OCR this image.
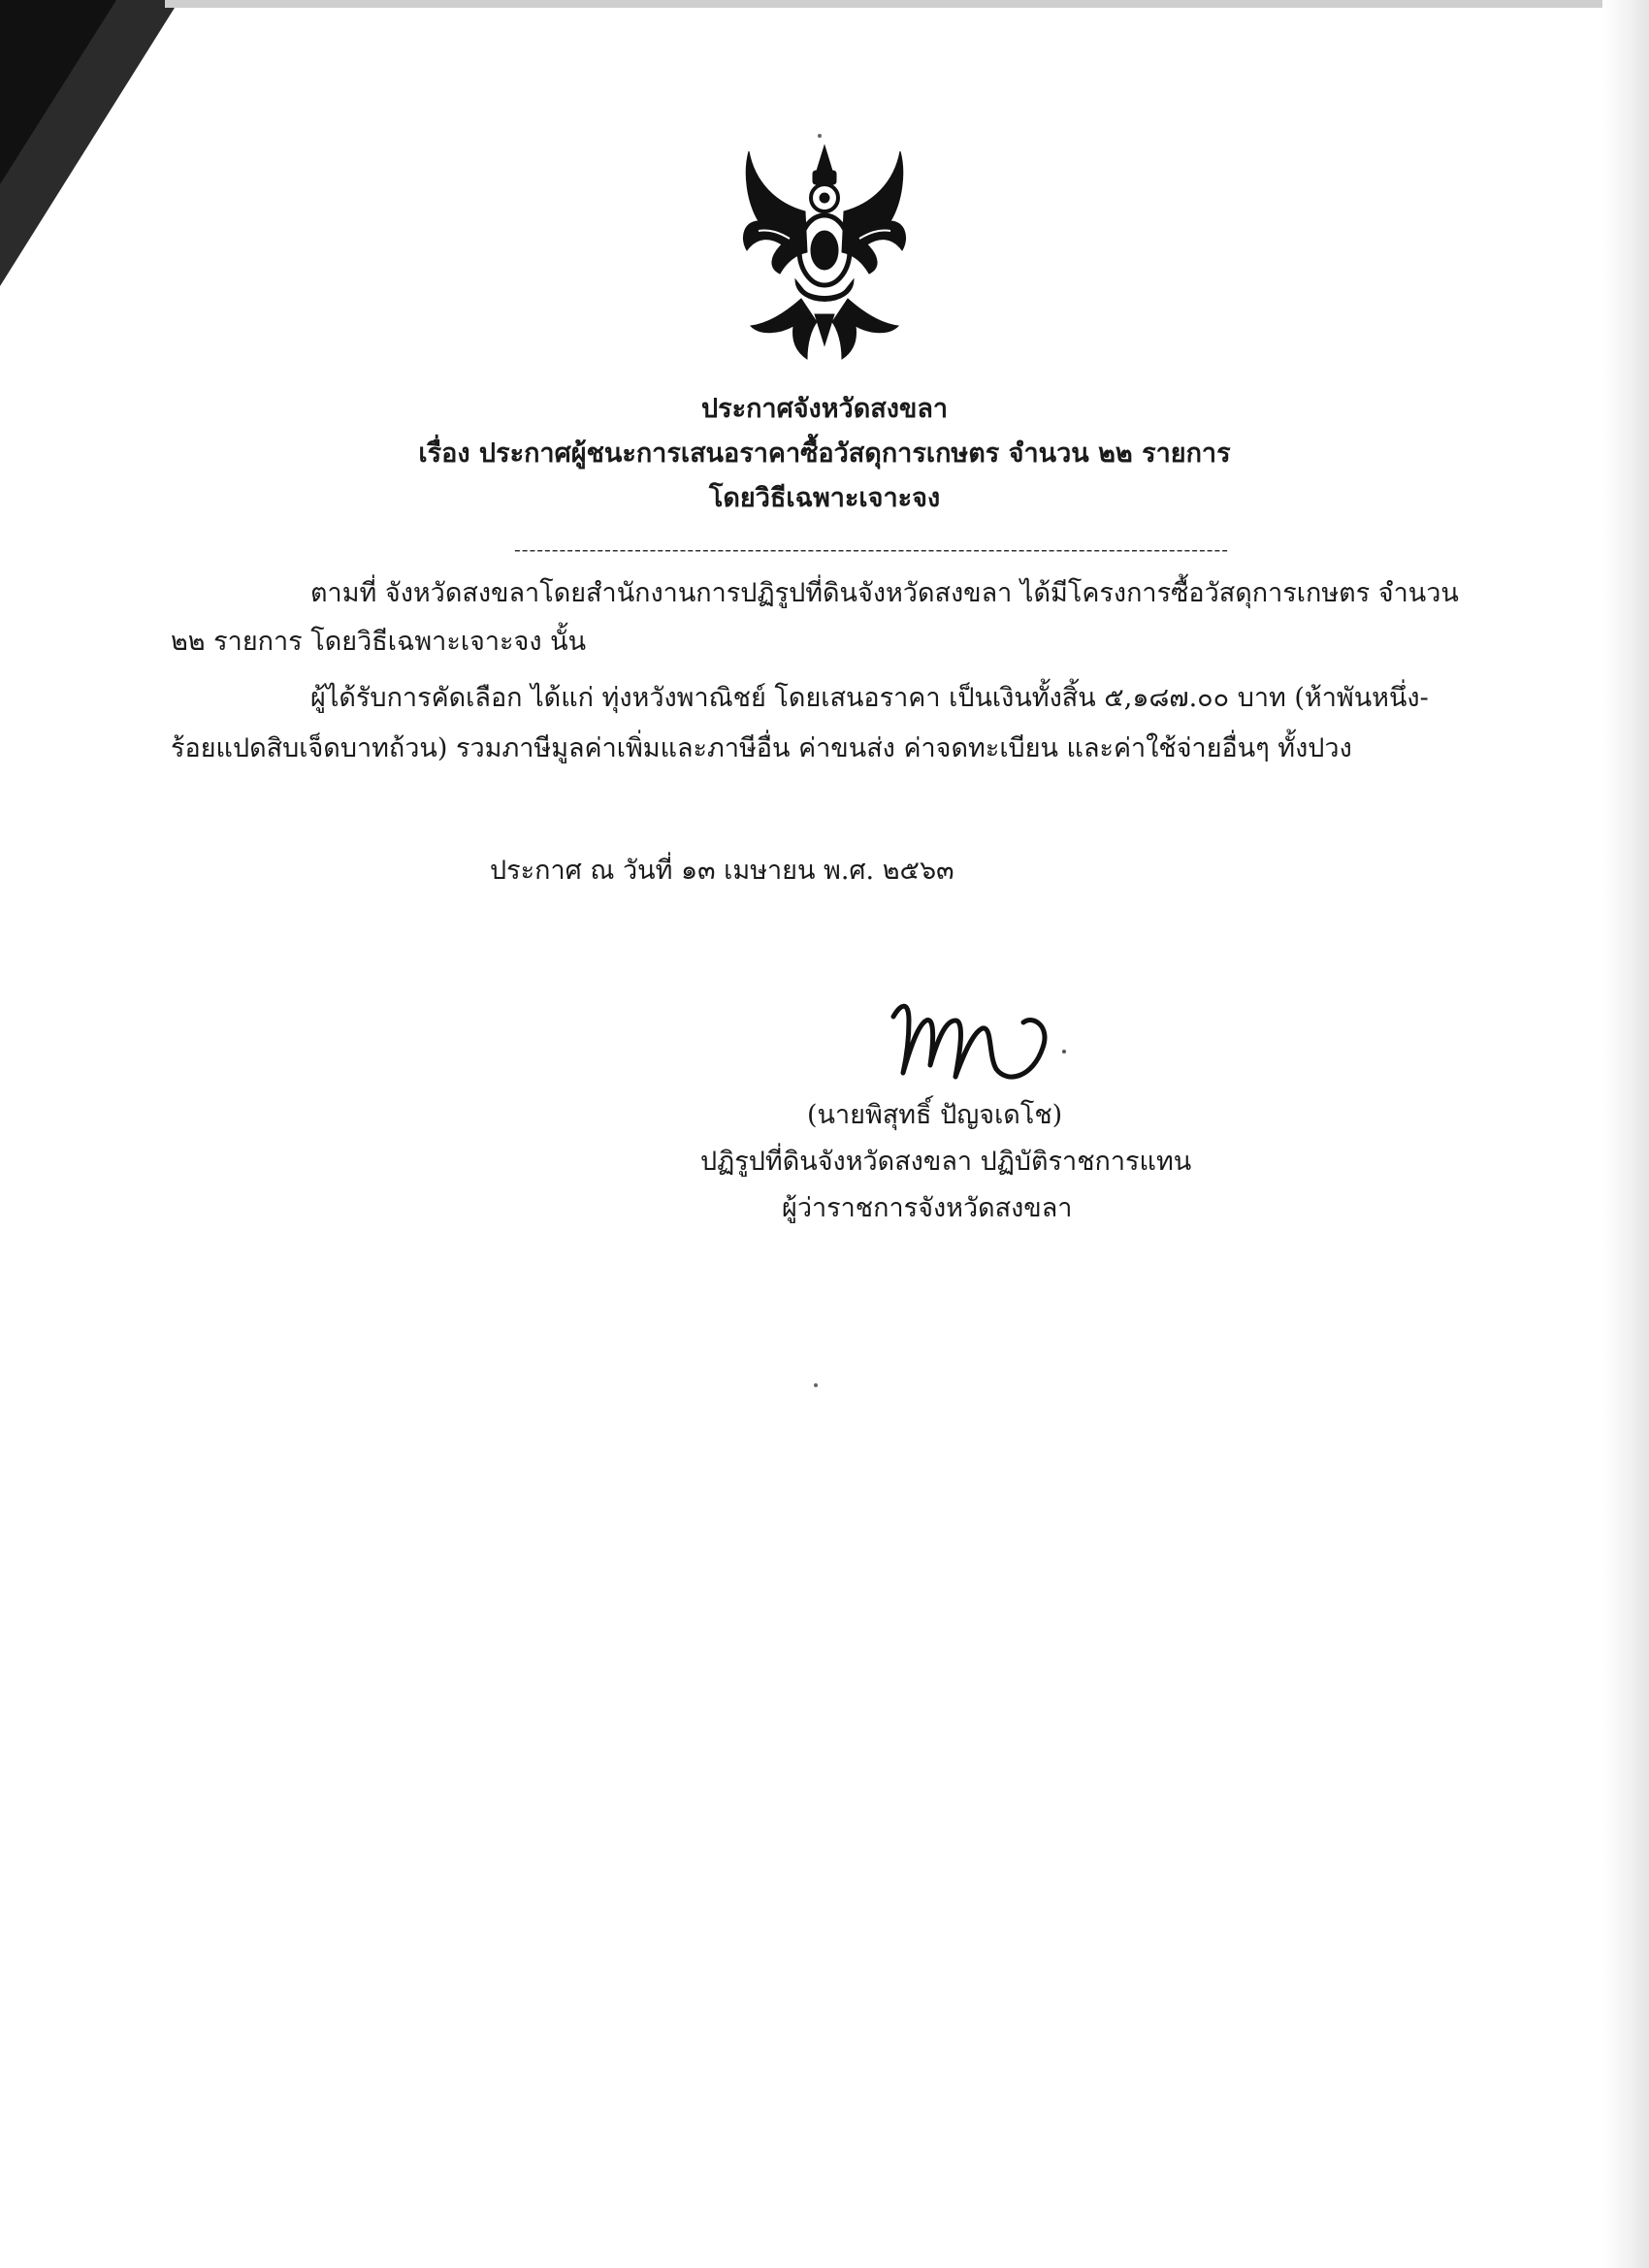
ประกาศจังหวัดสงขลา
เรื่อง ประกาศผู้ชนะการเสนอราคาซื้อวัสดุการเกษตร จำนวน ๒๒ รายการ
โดยวิธีเฉพาะเจาะจง
-----------------------------------------------------------------------------------------------
ตามที่ จังหวัดสงขลาโดยสำนักงานการปฏิรูปที่ดินจังหวัดสงขลา ได้มีโครงการซื้อวัสดุการเกษตร จำนวน
๒๒ รายการ โดยวิธีเฉพาะเจาะจง นั้น
ผู้ได้รับการคัดเลือก ได้แก่ ทุ่งหวังพาณิชย์ โดยเสนอราคา เป็นเงินทั้งสิ้น ๕,๑๘๗.๐๐ บาท (ห้าพันหนึ่ง-
ร้อยแปดสิบเจ็ดบาทถ้วน) รวมภาษีมูลค่าเพิ่มและภาษีอื่น ค่าขนส่ง ค่าจดทะเบียน และค่าใช้จ่ายอื่นๆ ทั้งปวง
ประกาศ ณ วันที่ ๑๓ เมษายน พ.ศ. ๒๕๖๓
(นายพิสุทธิ์ ปัญจเดโช)
ปฏิรูปที่ดินจังหวัดสงขลา ปฏิบัติราชการแทน
ผู้ว่าราชการจังหวัดสงขลา
